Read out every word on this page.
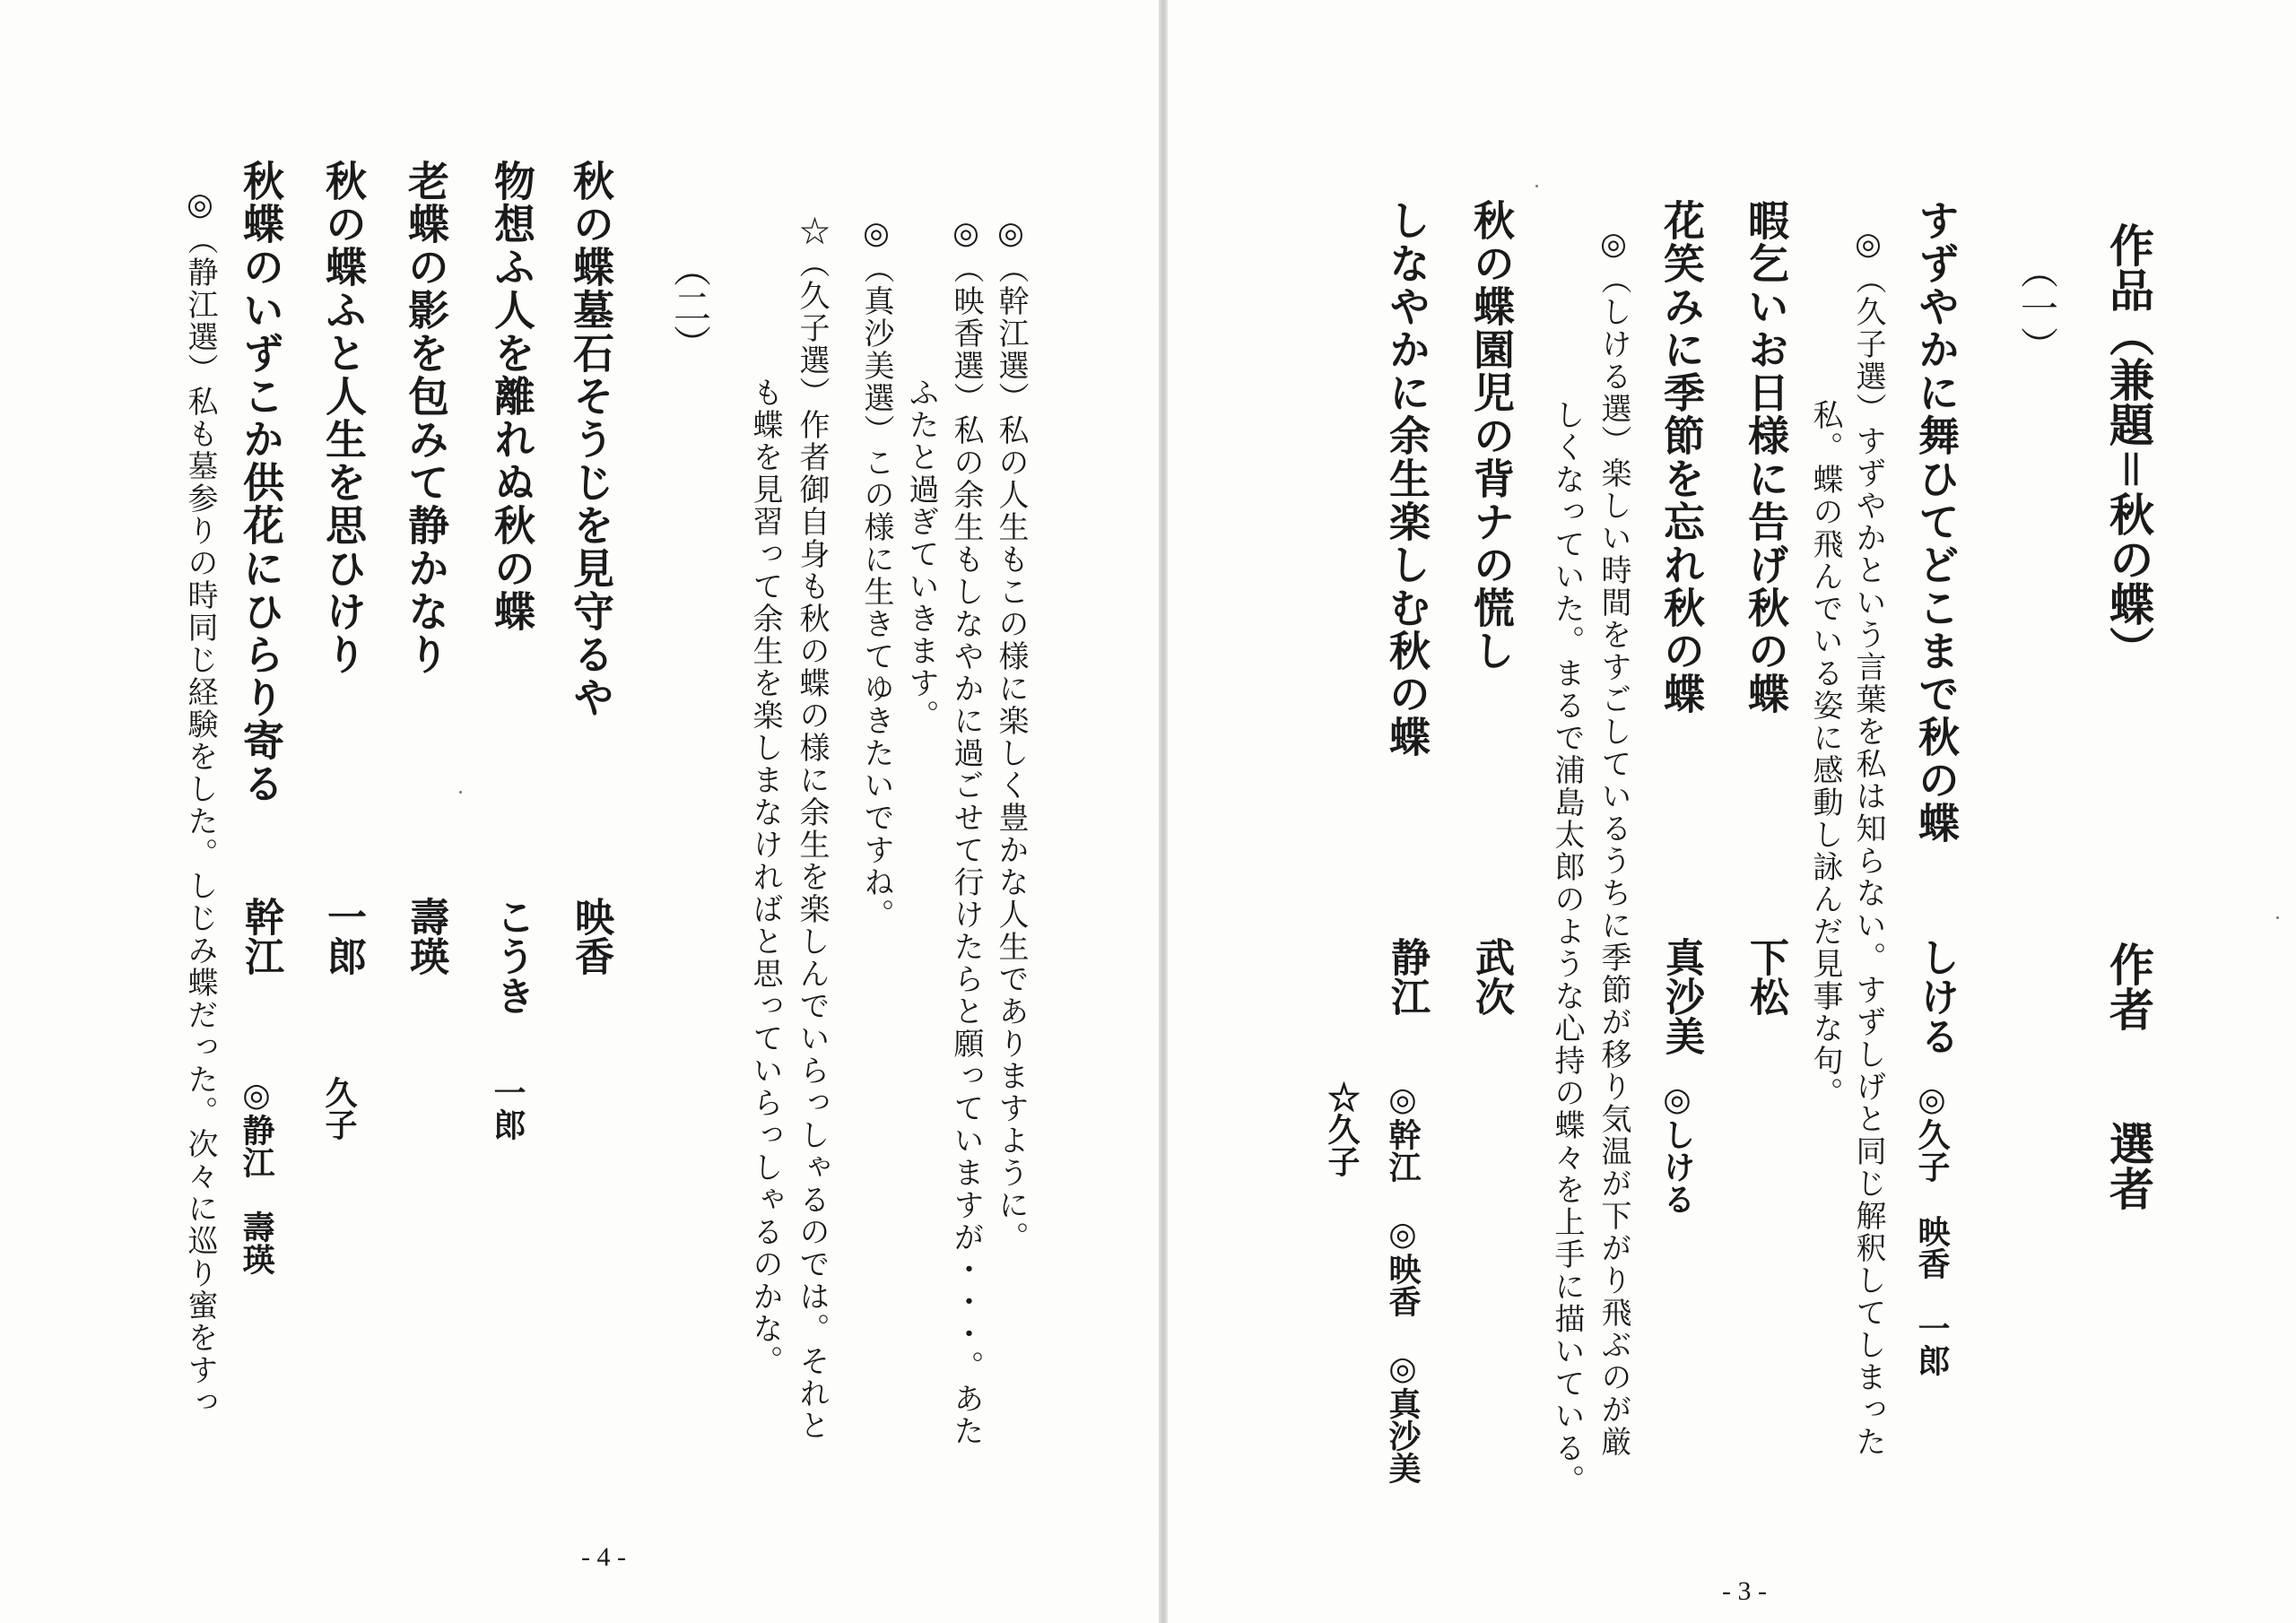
作品（兼題＝秋の蝶）
作者
選者
（一）
すずやかに舞ひてどこまで秋の蝶
しける
◎久子　映香　一郎
◎（久子選）すずやかという言葉を私は知らない。すずしげと同じ解釈してしまった
私。蝶の飛んでいる姿に感動し詠んだ見事な句。
暇乞いお日様に告げ秋の蝶
下松
花笑みに季節を忘れ秋の蝶
真沙美
◎しける
◎（しける選）楽しい時間をすごしているうちに季節が移り気温が下がり飛ぶのが厳
しくなっていた。まるで浦島太郎のような心持の蝶々を上手に描いている。
秋の蝶園児の背ナの慌し
武次
しなやかに余生楽しむ秋の蝶
静江
◎幹江　◎映香　◎真沙美
☆久子
- 3 -
◎（幹江選）私の人生もこの様に楽しく豊かな人生でありますように。
◎（映香選）私の余生もしなやかに過ごせて行けたらと願っていますが・・・。あた
ふたと過ぎていきます。
◎（真沙美選）この様に生きてゆきたいですね。
☆（久子選）作者御自身も秋の蝶の様に余生を楽しんでいらっしゃるのでは。それと
も蝶を見習って余生を楽しまなければと思っていらっしゃるのかな。
（二）
秋の蝶墓石そうじを見守るや
映香
物想ふ人を離れぬ秋の蝶
こうき
一郎
老蝶の影を包みて静かなり
壽瑛
秋の蝶ふと人生を思ひけり
一郎
久子
秋蝶のいずこか供花にひらり寄る
幹江
◎静江　壽瑛
◎（静江選）私も墓参りの時同じ経験をした。しじみ蝶だった。次々に巡り蜜をすっ
- 4 -
